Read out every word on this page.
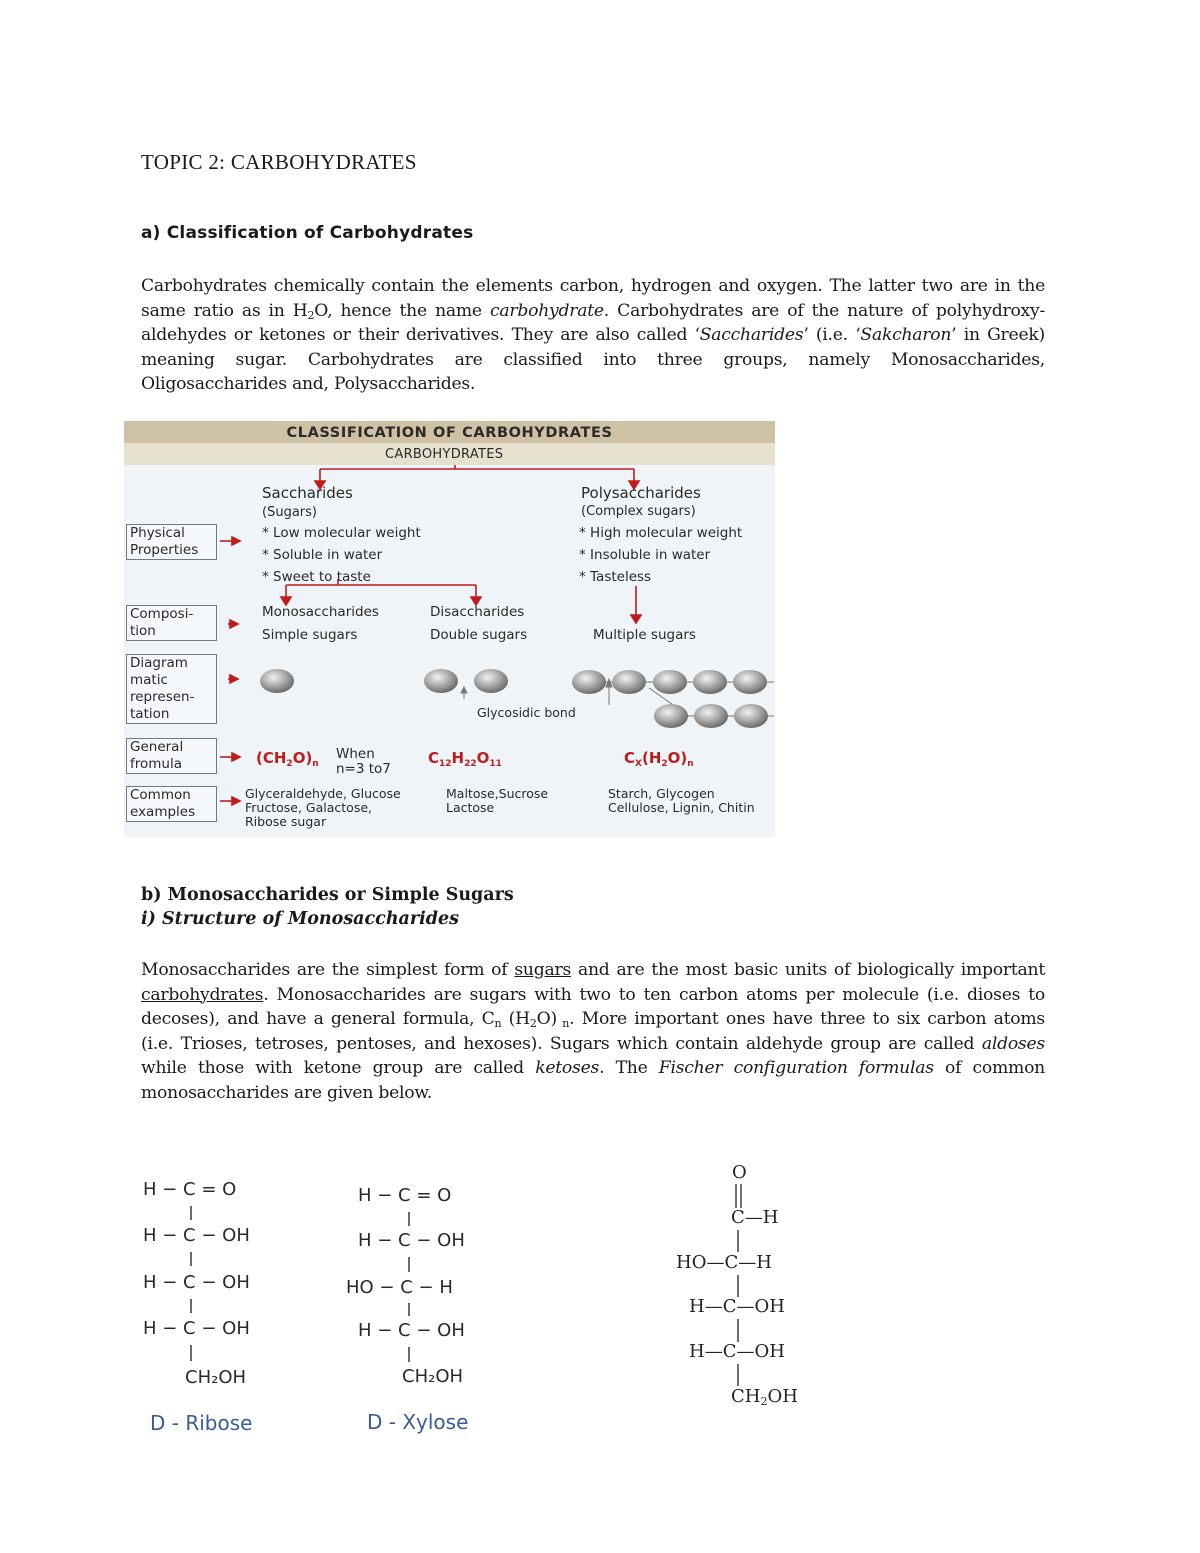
TOPIC 2: CARBOHYDRATES
a) Classification of Carbohydrates

Carbohydrates chemically contain the elements carbon, hydrogen and oxygen. The latter two are in the same ratio as in $H_2O$, hence the name carbohydrate. Carbohydrates are of the nature of polyhydroxy-aldehydes or ketones or their derivatives. They are also called ‘Saccharides’ (i.e. ‘Sakcharon’ in Greek) meaning sugar. Carbohydrates are classified into three groups, namely Monosaccharides, Oligosaccharides and, Polysaccharides.

CLASSIFICATION OF CARBOHYDRATES
CARBOHYDRATES
Physical
Properties
Composi-
tion
Diagram
matic
represen-
tation
General
fromula
Common
examples
Saccharides
(Sugars)
* Low molecular weight
* Soluble in water
* Sweet to taste
Polysaccharides
(Complex sugars)
* High molecular weight
* Insoluble in water
* Tasteless
Monosaccharides
Simple sugars
Disaccharides
Double sugars	Multiple sugars
Glycosidic bond
$(CH_2O)_n$
When
n=3 to7
$C_{12}H_{22}O_{11}$	$C_X(H_2O)_n$
Glyceraldehyde, Glucose
Fructose, Galactose,
Ribose sugar
Maltose,Sucrose
Lactose
Starch, Glycogen
Cellulose, Lignin, Chitin
b) Monosaccharides or Simple Sugars
i) Structure of Monosaccharides

Monosaccharides are the simplest form of sugars and are the most basic units of biologically important carbohydrates. Monosaccharides are sugars with two to ten carbon atoms per molecule (i.e. dioses to decoses), and have a general formula, $C_n$ $(H_2O)$ $_n$. More important ones have three to six carbon atoms (i.e. Trioses, tetroses, pentoses, and hexoses). Sugars which contain aldehyde group are called aldoses while those with ketone group are called ketoses. The Fischer configuration formulas of common monosaccharides are given below.

H − C = O
H − C − OH
H − C − OH
H − C − OH
CH₂OH
D - Ribose
H − C = O
H − C − OH
HO − C − H
H − C − OH
CH₂OH
D - Xylose
O
C—H
HO—C—H
H—C—OH
H—C—OH
$CH_2OH$
